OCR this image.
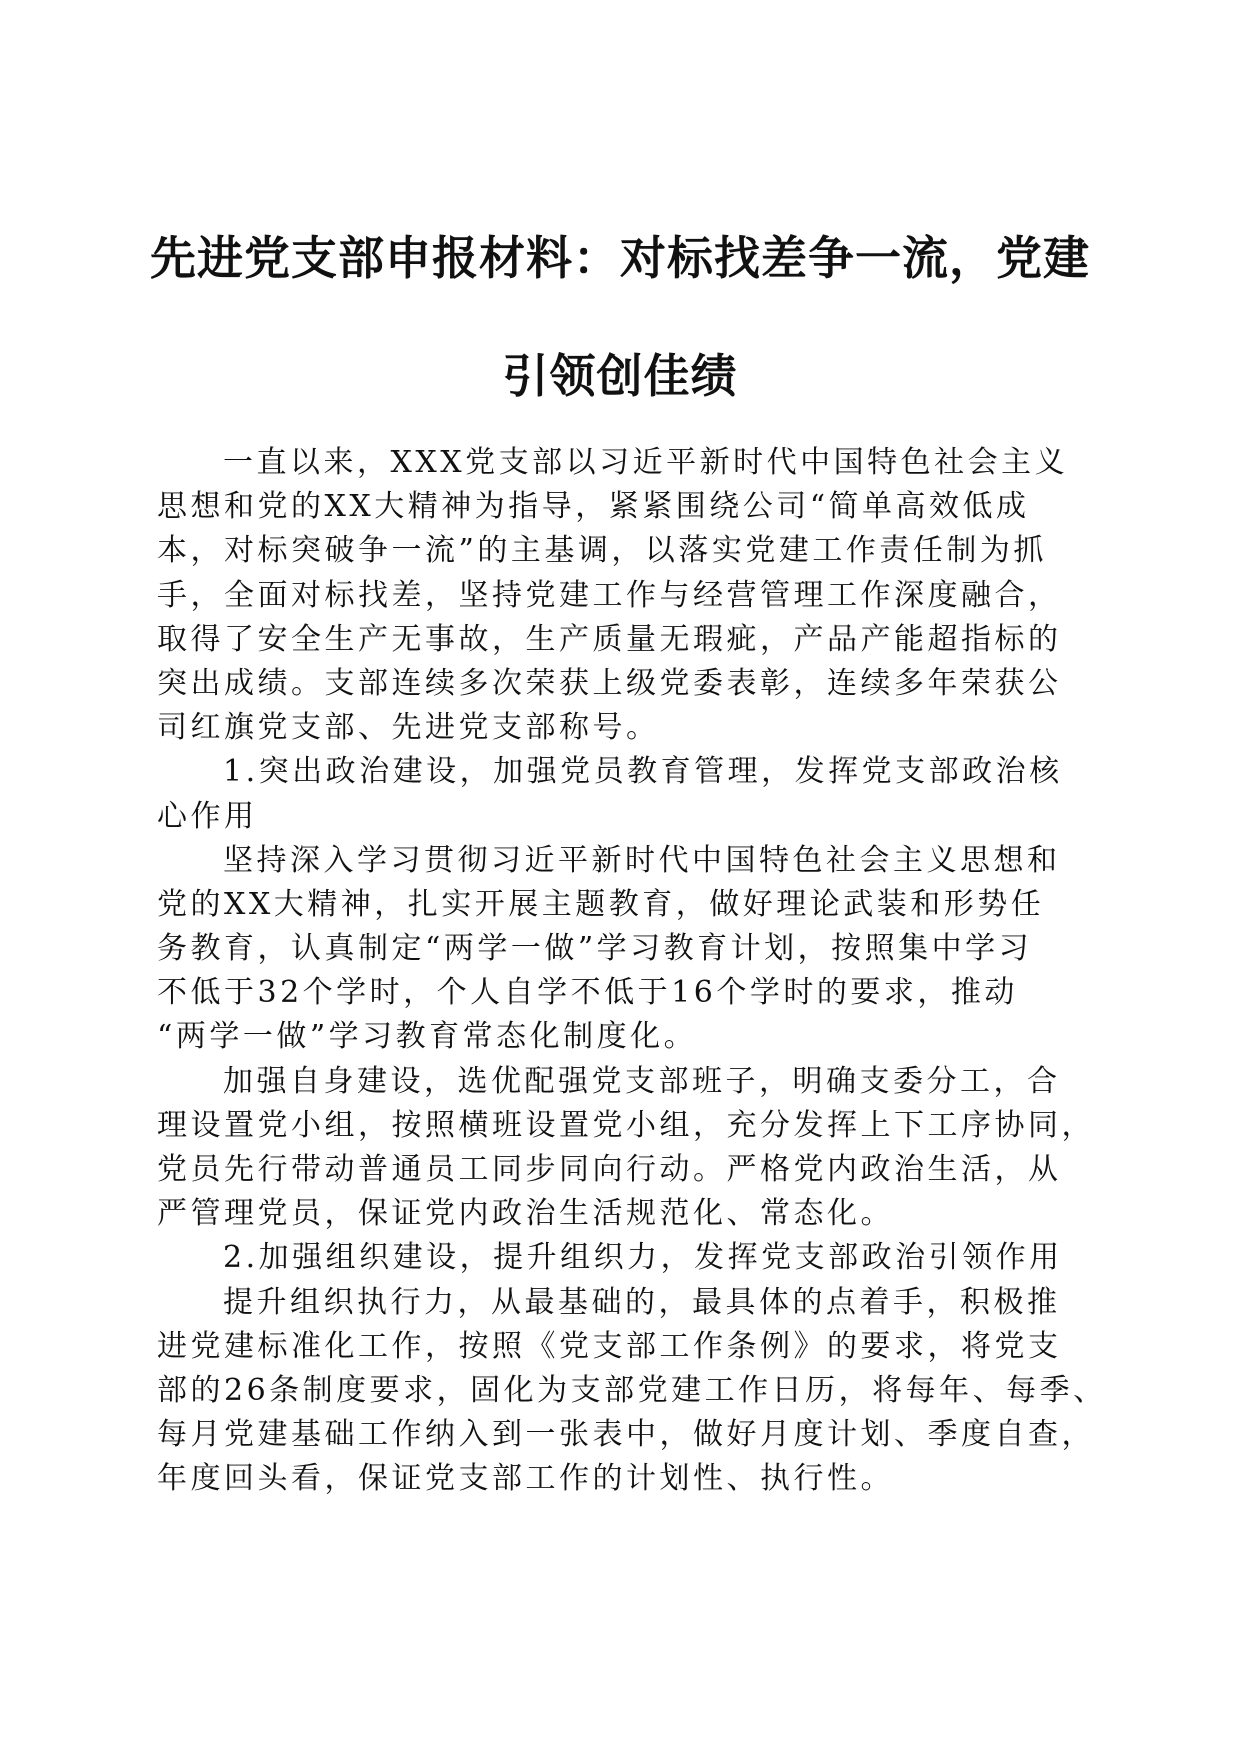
先进党支部申报材料：对标找差争一流，党建
引领创佳绩
一直以来，XXX党支部以习近平新时代中国特色社会主义
思想和党的XX大精神为指导，紧紧围绕公司“简单高效低成
本，对标突破争一流”的主基调，以落实党建工作责任制为抓
手，全面对标找差，坚持党建工作与经营管理工作深度融合，
取得了安全生产无事故，生产质量无瑕疵，产品产能超指标的
突出成绩。支部连续多次荣获上级党委表彰，连续多年荣获公
司红旗党支部、先进党支部称号。
1.突出政治建设，加强党员教育管理，发挥党支部政治核
心作用
坚持深入学习贯彻习近平新时代中国特色社会主义思想和
党的XX大精神，扎实开展主题教育，做好理论武装和形势任
务教育，认真制定“两学一做”学习教育计划，按照集中学习
不低于32个学时，个人自学不低于16个学时的要求，推动
“两学一做”学习教育常态化制度化。
加强自身建设，选优配强党支部班子，明确支委分工，合
理设置党小组，按照横班设置党小组，充分发挥上下工序协同，
党员先行带动普通员工同步同向行动。严格党内政治生活，从
严管理党员，保证党内政治生活规范化、常态化。
2.加强组织建设，提升组织力，发挥党支部政治引领作用
提升组织执行力，从最基础的，最具体的点着手，积极推
进党建标准化工作，按照《党支部工作条例》的要求，将党支
部的26条制度要求，固化为支部党建工作日历，将每年、每季、
每月党建基础工作纳入到一张表中，做好月度计划、季度自查，
年度回头看，保证党支部工作的计划性、执行性。
